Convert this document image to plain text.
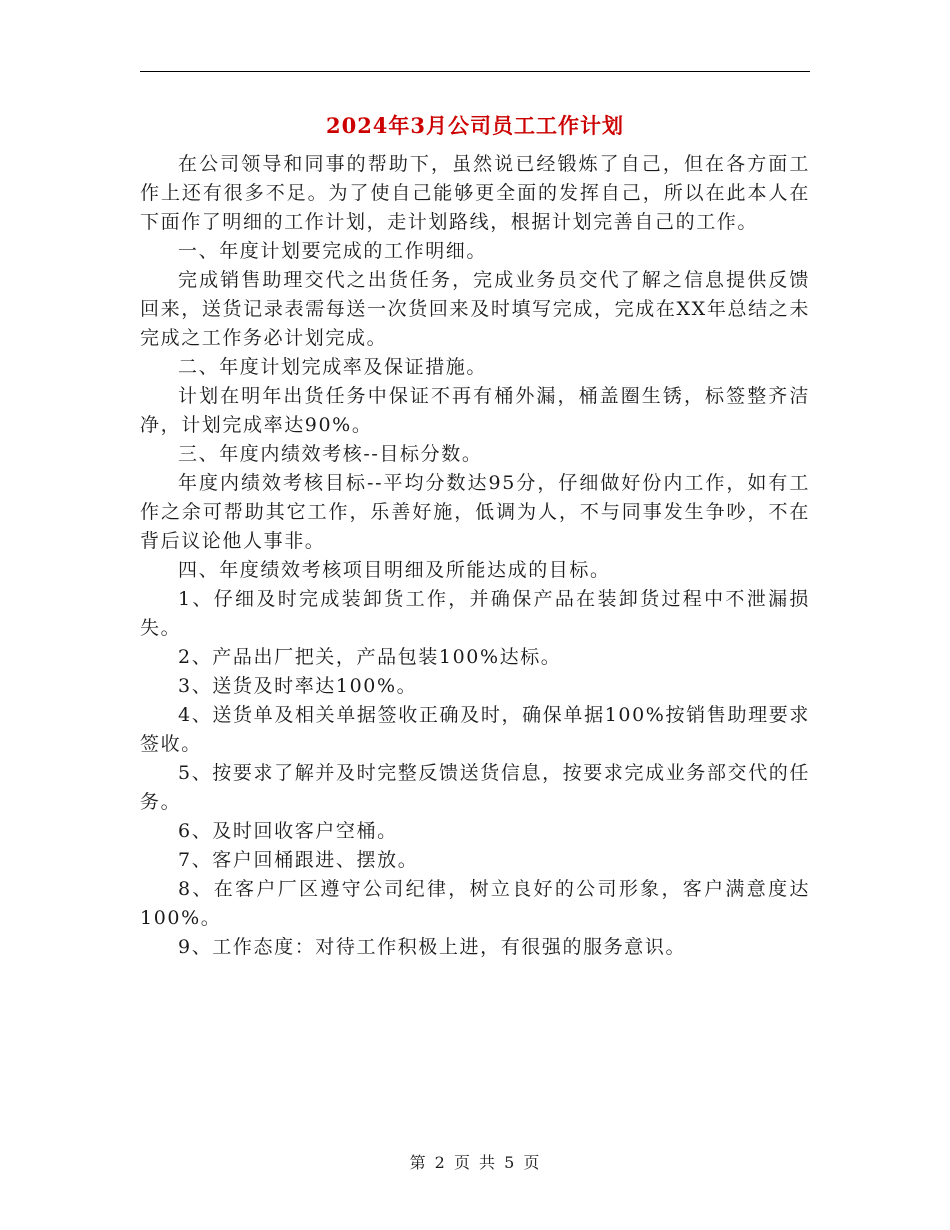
2024年3月公司员工工作计划

在公司领导和同事的帮助下，虽然说已经锻炼了自己，但在各方面工作上还有很多不足。为了使自己能够更全面的发挥自己，所以在此本人在下面作了明细的工作计划，走计划路线，根据计划完善自己的工作。

一、年度计划要完成的工作明细。

完成销售助理交代之出货任务，完成业务员交代了解之信息提供反馈回来，送货记录表需每送一次货回来及时填写完成，完成在XX年总结之未完成之工作务必计划完成。

二、年度计划完成率及保证措施。

计划在明年出货任务中保证不再有桶外漏，桶盖圈生锈，标签整齐洁净，计划完成率达90%。

三、年度内绩效考核--目标分数。

年度内绩效考核目标--平均分数达95分，仔细做好份内工作，如有工作之余可帮助其它工作，乐善好施，低调为人，不与同事发生争吵，不在背后议论他人事非。

四、年度绩效考核项目明细及所能达成的目标。

1、仔细及时完成装卸货工作，并确保产品在装卸货过程中不泄漏损失。

2、产品出厂把关，产品包装100%达标。

3、送货及时率达100%。

4、送货单及相关单据签收正确及时，确保单据100%按销售助理要求签收。

5、按要求了解并及时完整反馈送货信息，按要求完成业务部交代的任务。

6、及时回收客户空桶。

7、客户回桶跟进、摆放。

8、在客户厂区遵守公司纪律，树立良好的公司形象，客户满意度达100%。

9、工作态度：对待工作积极上进，有很强的服务意识。

第 2 页 共 5 页
